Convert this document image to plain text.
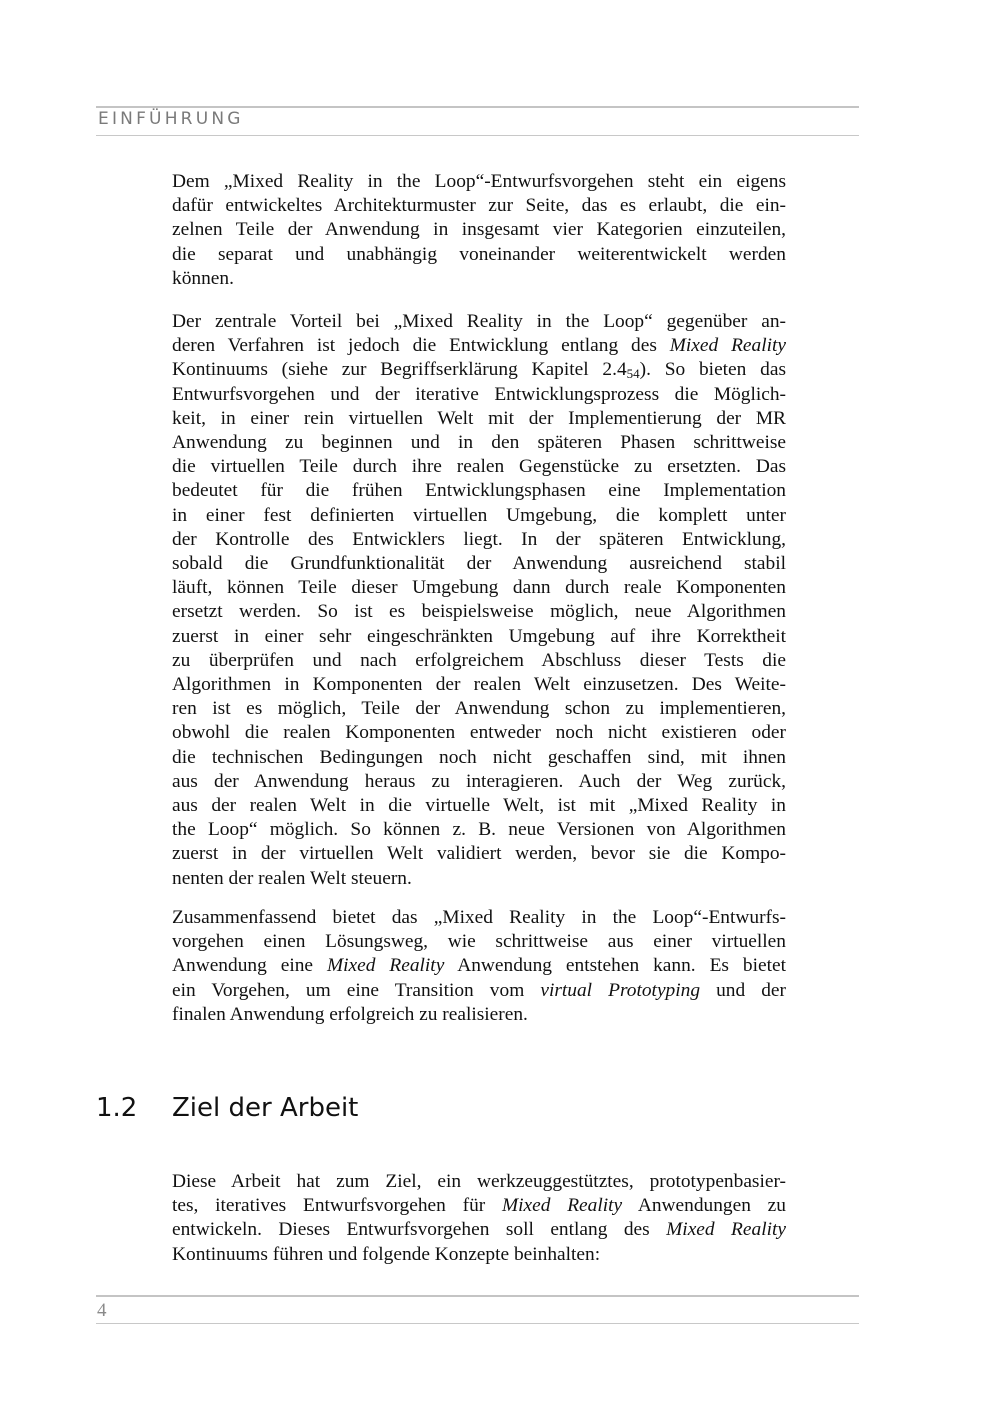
EINFÜHRUNG
Dem „Mixed Reality in the Loop“-Entwurfsvorgehen steht ein eigens
dafür entwickeltes Architekturmuster zur Seite, das es erlaubt, die ein-
zelnen Teile der Anwendung in insgesamt vier Kategorien einzuteilen,
die separat und unabhängig voneinander weiterentwickelt werden
können.
Der zentrale Vorteil bei „Mixed Reality in the Loop“ gegenüber an-
deren Verfahren ist jedoch die Entwicklung entlang des Mixed Reality
Kontinuums (siehe zur Begriffserklärung Kapitel $2.4_{54}$). So bieten das
Entwurfsvorgehen und der iterative Entwicklungsprozess die Möglich-
keit, in einer rein virtuellen Welt mit der Implementierung der MR
Anwendung zu beginnen und in den späteren Phasen schrittweise
die virtuellen Teile durch ihre realen Gegenstücke zu ersetzten. Das
bedeutet für die frühen Entwicklungsphasen eine Implementation
in einer fest definierten virtuellen Umgebung, die komplett unter
der Kontrolle des Entwicklers liegt. In der späteren Entwicklung,
sobald die Grundfunktionalität der Anwendung ausreichend stabil
läuft, können Teile dieser Umgebung dann durch reale Komponenten
ersetzt werden. So ist es beispielsweise möglich, neue Algorithmen
zuerst in einer sehr eingeschränkten Umgebung auf ihre Korrektheit
zu überprüfen und nach erfolgreichem Abschluss dieser Tests die
Algorithmen in Komponenten der realen Welt einzusetzen. Des Weite-
ren ist es möglich, Teile der Anwendung schon zu implementieren,
obwohl die realen Komponenten entweder noch nicht existieren oder
die technischen Bedingungen noch nicht geschaffen sind, mit ihnen
aus der Anwendung heraus zu interagieren. Auch der Weg zurück,
aus der realen Welt in die virtuelle Welt, ist mit „Mixed Reality in
the Loop“ möglich. So können z. B. neue Versionen von Algorithmen
zuerst in der virtuellen Welt validiert werden, bevor sie die Kompo-
nenten der realen Welt steuern.
Zusammenfassend bietet das „Mixed Reality in the Loop“-Entwurfs-
vorgehen einen Lösungsweg, wie schrittweise aus einer virtuellen
Anwendung eine Mixed Reality Anwendung entstehen kann. Es bietet
ein Vorgehen, um eine Transition vom virtual Prototyping und der
finalen Anwendung erfolgreich zu realisieren.
1.2 Ziel der Arbeit
Diese Arbeit hat zum Ziel, ein werkzeuggestütztes, prototypenbasier-
tes, iteratives Entwurfsvorgehen für Mixed Reality Anwendungen zu
entwickeln. Dieses Entwurfsvorgehen soll entlang des Mixed Reality
Kontinuums führen und folgende Konzepte beinhalten:
4
